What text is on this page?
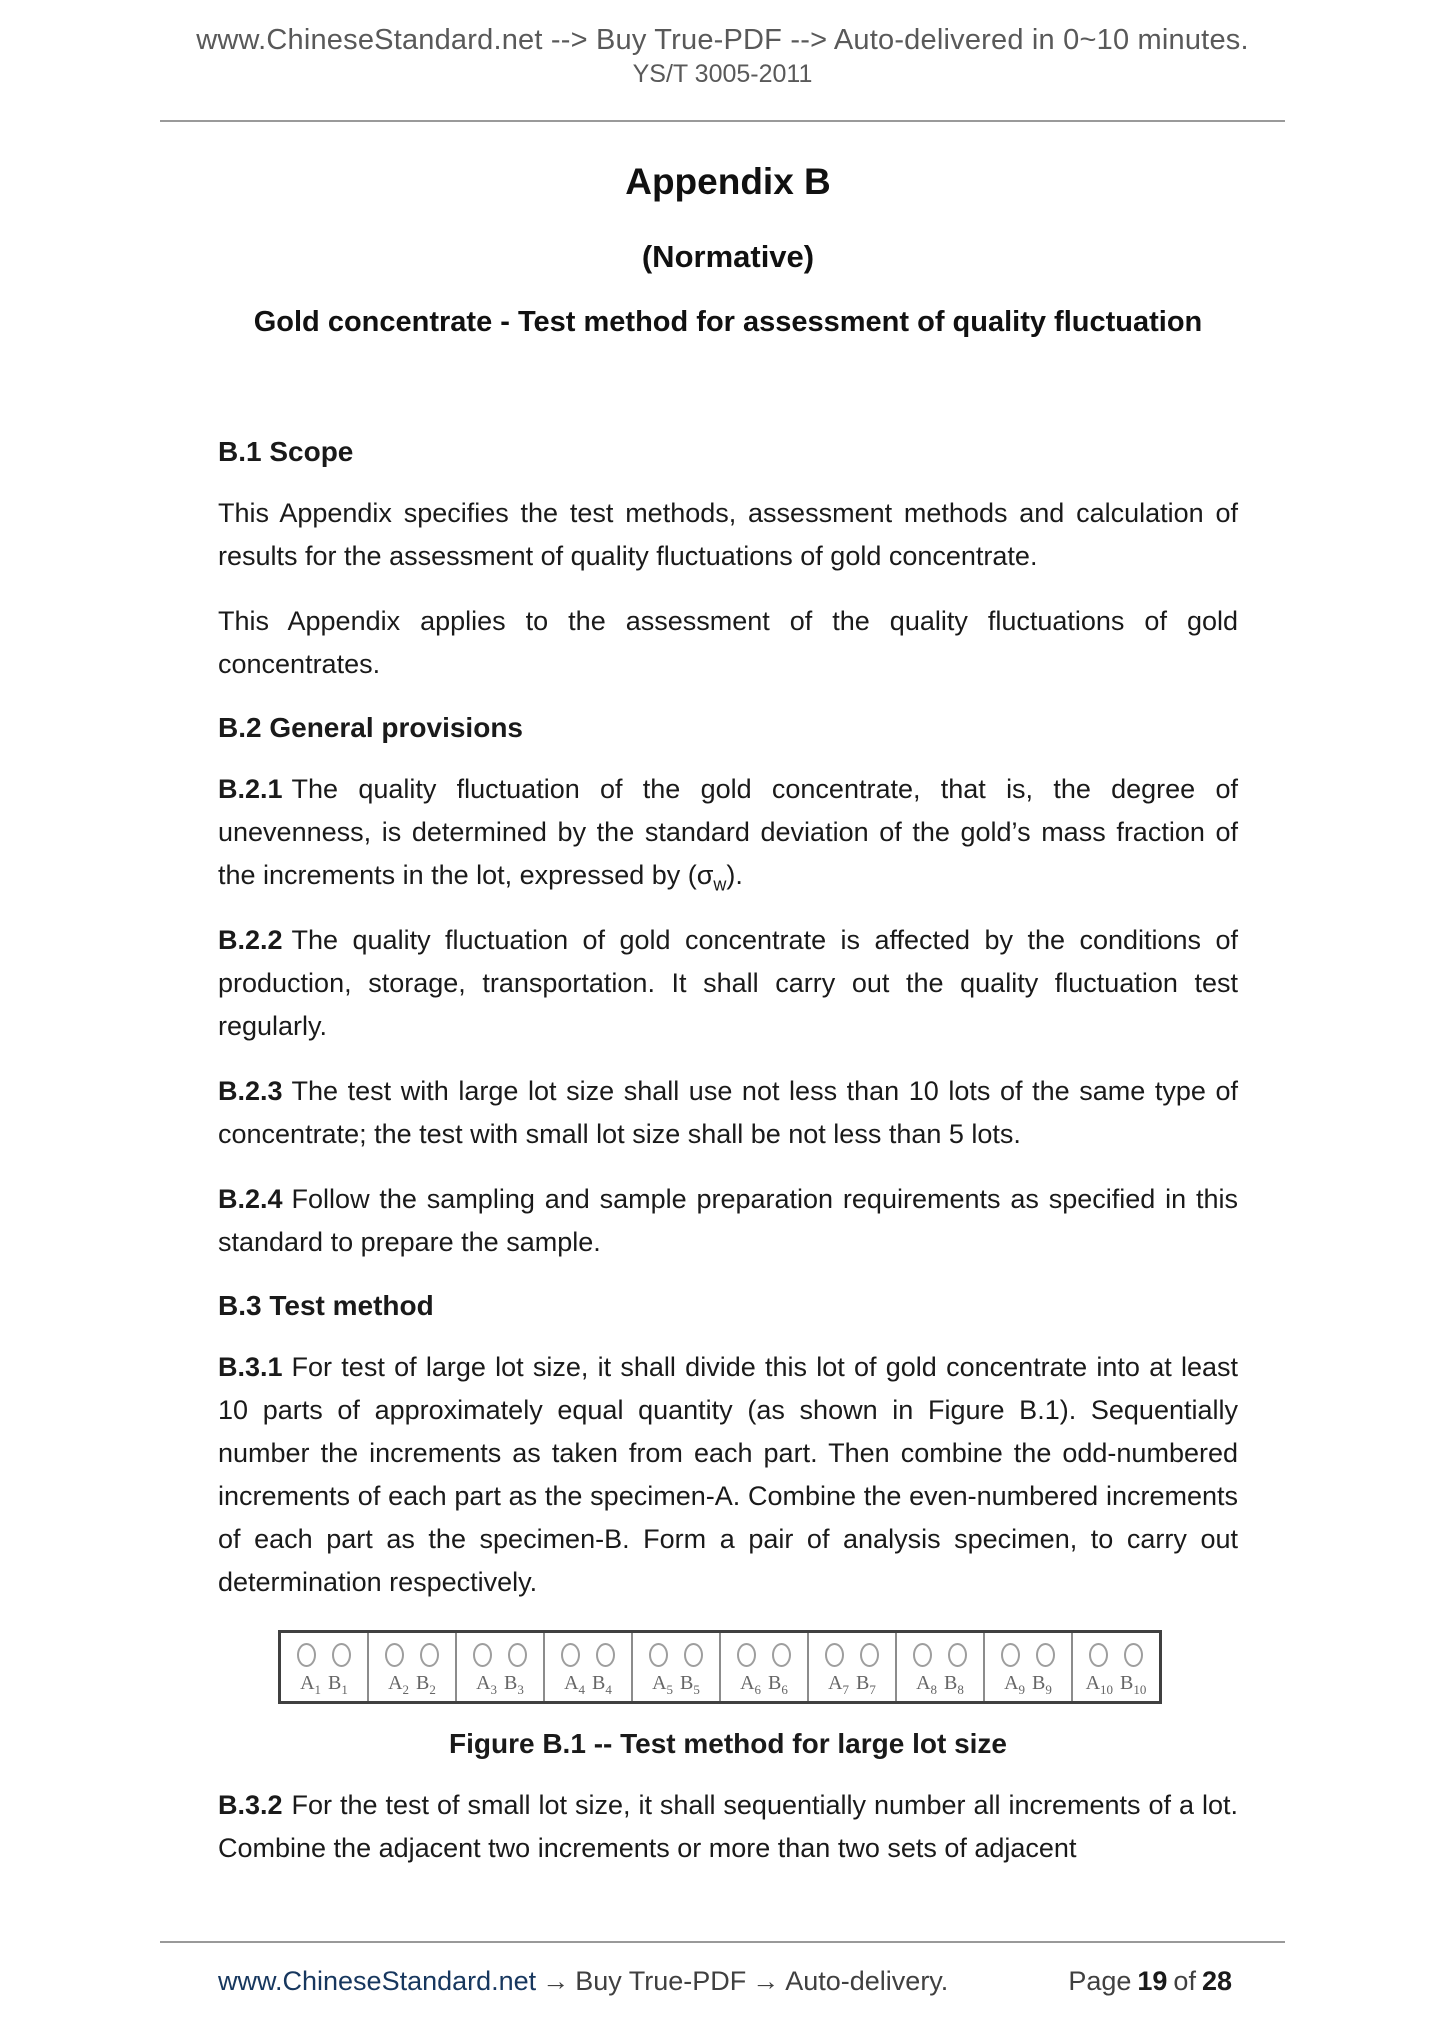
www.ChineseStandard.net --> Buy True-PDF --> Auto-delivered in 0~10 minutes.
YS/T 3005-2011
Appendix B
(Normative)
Gold concentrate - Test method for assessment of quality fluctuation
B.1 Scope

This Appendix specifies the test methods, assessment methods and calculation of results for the assessment of quality fluctuations of gold concentrate.

This Appendix applies to the assessment of the quality fluctuations of gold concentrates.

B.2 General provisions

B.2.1 The quality fluctuation of the gold concentrate, that is, the degree of unevenness, is determined by the standard deviation of the gold’s mass fraction of the increments in the lot, expressed by $(\sigma_w)$.

B.2.2 The quality fluctuation of gold concentrate is affected by the conditions of production, storage, transportation. It shall carry out the quality fluctuation test regularly.

B.2.3 The test with large lot size shall use not less than 10 lots of the same type of concentrate; the test with small lot size shall be not less than 5 lots.

B.2.4 Follow the sampling and sample preparation requirements as specified in this standard to prepare the sample.

B.3 Test method

B.3.1 For test of large lot size, it shall divide this lot of gold concentrate into at least 10 parts of approximately equal quantity (as shown in Figure B.1). Sequentially number the increments as taken from each part. Then combine the odd-numbered increments of each part as the specimen-A. Combine the even-numbered increments of each part as the specimen-B. Form a pair of analysis specimen, to carry out determination respectively.

$A_1$ $B_1$	$A_2$ $B_2$	$A_3$ $B_3$	$A_4$ $B_4$	$A_5$ $B_5$	$A_6$ $B_6$	$A_7$ $B_7$	$A_8$ $B_8$	$A_9$ $B_9$	$A_{10}$ $B_{10}$
Figure B.1 -- Test method for large lot size

B.3.2 For the test of small lot size, it shall sequentially number all increments of a lot. Combine the adjacent two increments or more than two sets of adjacent

www.ChineseStandard.net → Buy True-PDF → Auto-delivery.	Page 19 of 28
